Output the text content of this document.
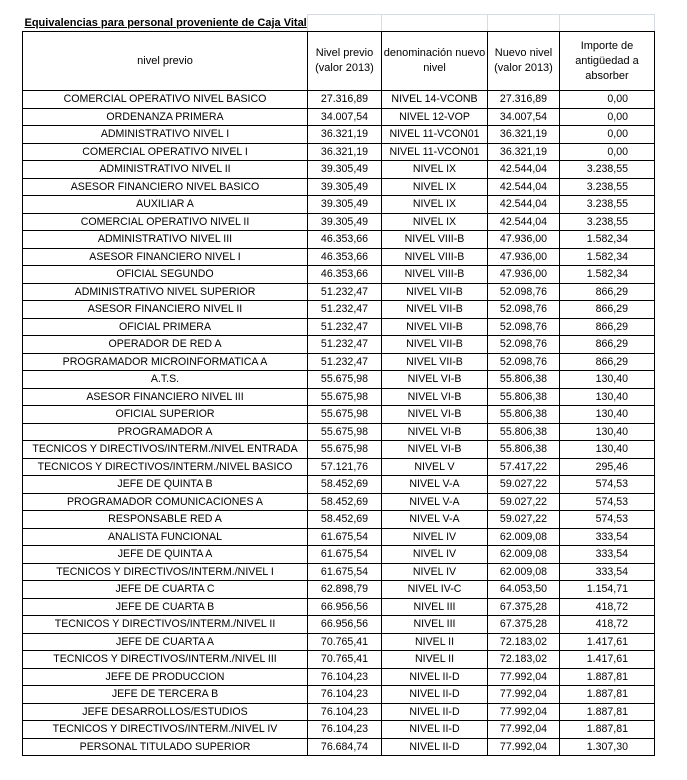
Equivalencias para personal proveniente de Caja Vital				
nivel previo	Nivel previo (valor 2013)	denominación nuevo nivel	Nuevo nivel (valor 2013)	Importe de antigüedad a absorber
COMERCIAL OPERATIVO NIVEL BASICO	27.316,89	NIVEL 14-VCONB	27.316,89	0,00
ORDENANZA PRIMERA	34.007,54	NIVEL 12-VOP	34.007,54	0,00
ADMINISTRATIVO NIVEL I	36.321,19	NIVEL 11-VCON01	36.321,19	0,00
COMERCIAL OPERATIVO NIVEL I	36.321,19	NIVEL 11-VCON01	36.321,19	0,00
ADMINISTRATIVO NIVEL II	39.305,49	NIVEL IX	42.544,04	3.238,55
ASESOR FINANCIERO NIVEL BASICO	39.305,49	NIVEL IX	42.544,04	3.238,55
AUXILIAR A	39.305,49	NIVEL IX	42.544,04	3.238,55
COMERCIAL OPERATIVO NIVEL II	39.305,49	NIVEL IX	42.544,04	3.238,55
ADMINISTRATIVO NIVEL III	46.353,66	NIVEL VIII-B	47.936,00	1.582,34
ASESOR FINANCIERO NIVEL I	46.353,66	NIVEL VIII-B	47.936,00	1.582,34
OFICIAL SEGUNDO	46.353,66	NIVEL VIII-B	47.936,00	1.582,34
ADMINISTRATIVO NIVEL SUPERIOR	51.232,47	NIVEL VII-B	52.098,76	866,29
ASESOR FINANCIERO NIVEL II	51.232,47	NIVEL VII-B	52.098,76	866,29
OFICIAL PRIMERA	51.232,47	NIVEL VII-B	52.098,76	866,29
OPERADOR DE RED A	51.232,47	NIVEL VII-B	52.098,76	866,29
PROGRAMADOR MICROINFORMATICA A	51.232,47	NIVEL VII-B	52.098,76	866,29
A.T.S.	55.675,98	NIVEL VI-B	55.806,38	130,40
ASESOR FINANCIERO NIVEL III	55.675,98	NIVEL VI-B	55.806,38	130,40
OFICIAL SUPERIOR	55.675,98	NIVEL VI-B	55.806,38	130,40
PROGRAMADOR A	55.675,98	NIVEL VI-B	55.806,38	130,40
TECNICOS Y DIRECTIVOS/INTERM./NIVEL ENTRADA	55.675,98	NIVEL VI-B	55.806,38	130,40
TECNICOS Y DIRECTIVOS/INTERM./NIVEL BASICO	57.121,76	NIVEL V	57.417,22	295,46
JEFE DE QUINTA B	58.452,69	NIVEL V-A	59.027,22	574,53
PROGRAMADOR COMUNICACIONES A	58.452,69	NIVEL V-A	59.027,22	574,53
RESPONSABLE RED A	58.452,69	NIVEL V-A	59.027,22	574,53
ANALISTA FUNCIONAL	61.675,54	NIVEL IV	62.009,08	333,54
JEFE DE QUINTA A	61.675,54	NIVEL IV	62.009,08	333,54
TECNICOS Y DIRECTIVOS/INTERM./NIVEL I	61.675,54	NIVEL IV	62.009,08	333,54
JEFE DE CUARTA C	62.898,79	NIVEL IV-C	64.053,50	1.154,71
JEFE DE CUARTA B	66.956,56	NIVEL III	67.375,28	418,72
TECNICOS Y DIRECTIVOS/INTERM./NIVEL II	66.956,56	NIVEL III	67.375,28	418,72
JEFE DE CUARTA A	70.765,41	NIVEL II	72.183,02	1.417,61
TECNICOS Y DIRECTIVOS/INTERM./NIVEL III	70.765,41	NIVEL II	72.183,02	1.417,61
JEFE DE PRODUCCION	76.104,23	NIVEL II-D	77.992,04	1.887,81
JEFE DE TERCERA B	76.104,23	NIVEL II-D	77.992,04	1.887,81
JEFE DESARROLLOS/ESTUDIOS	76.104,23	NIVEL II-D	77.992,04	1.887,81
TECNICOS Y DIRECTIVOS/INTERM./NIVEL IV	76.104,23	NIVEL II-D	77.992,04	1.887,81
PERSONAL TITULADO SUPERIOR	76.684,74	NIVEL II-D	77.992,04	1.307,30
